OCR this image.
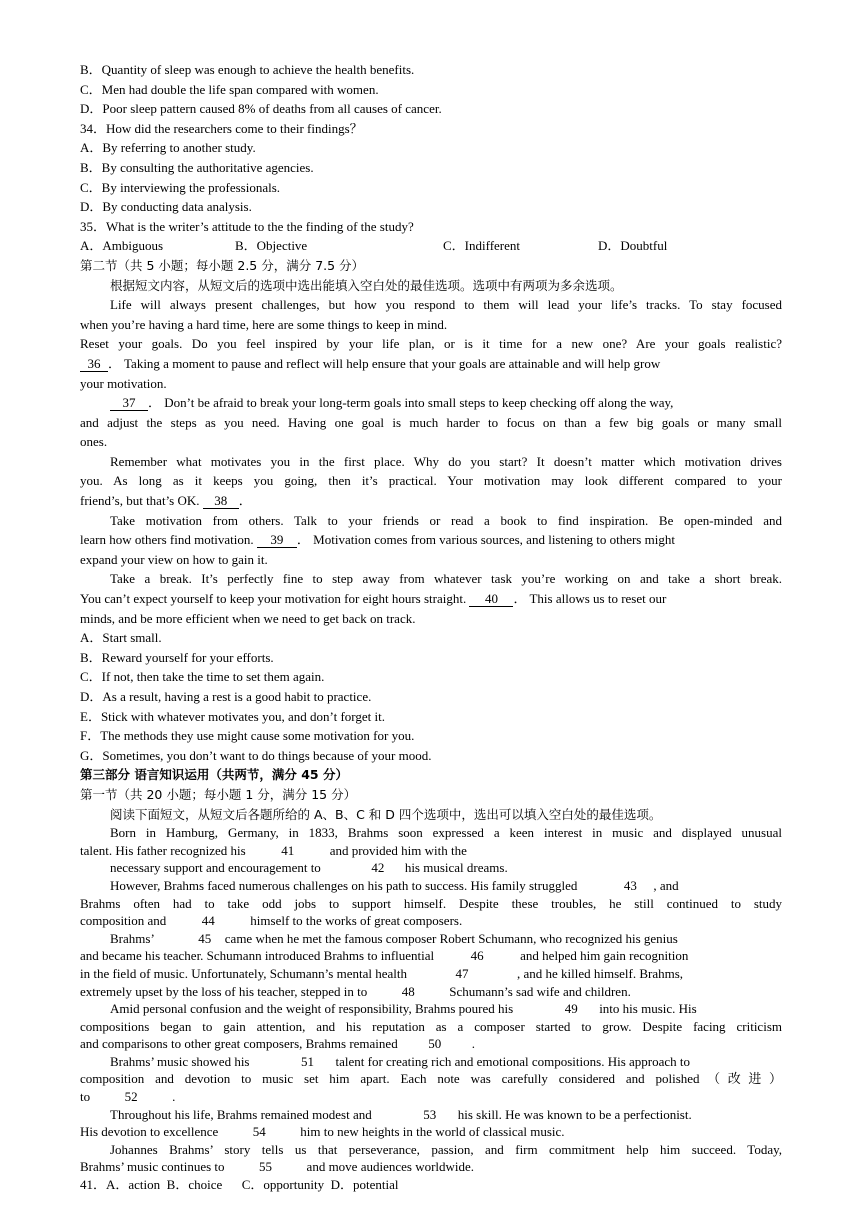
B．Quantity of sleep was enough to achieve the health benefits.
C．Men had double the life span compared with women.
D．Poor sleep pattern caused 8% of deaths from all causes of cancer.
34．How did the researchers come to their findings？
A．By referring to another study.
B．By consulting the authoritative agencies.
C．By interviewing the professionals.
D．By conducting data analysis.
35．What is the writer’s attitude to the the finding of the study?
A．Ambiguous	B．Objective	C．Indifferent	D．Doubtful
第二节（共 5 小题；每小题 2.5 分，满分 7.5 分）
根据短文内容，从短文后的选项中选出能填入空白处的最佳选项。选项中有两项为多余选项。
Life will always present challenges, but how you respond to them will lead your life’s tracks. To stay focused
when you’re having a hard time, here are some things to keep in mind.
Reset your goals. Do you feel inspired by your life plan, or is it time for a new one? Are your goals realistic?
36 ． Taking a moment to pause and reflect will help ensure that your goals are attainable and will help grow
your motivation.
37 ． Don’t be afraid to break your long-term goals into small steps to keep checking off along the way,
and adjust the steps as you need. Having one goal is much harder to focus on than a few big goals or many small
ones.
Remember what motivates you in the first place. Why do you start? It doesn’t matter which motivation drives
you. As long as it keeps you going, then it’s practical. Your motivation may look different compared to your
friend’s, but that’s OK. 38 ．
Take motivation from others. Talk to your friends or read a book to find inspiration. Be open-minded and
learn how others find motivation. 39 ． Motivation comes from various sources, and listening to others might
expand your view on how to gain it.
Take a break. It’s perfectly fine to step away from whatever task you’re working on and take a short break.
You can’t expect yourself to keep your motivation for eight hours straight. 40 ． This allows us to reset our
minds, and be more efficient when we need to get back on track.
A．Start small.
B．Reward yourself for your efforts.
C．If not, then take the time to set them again.
D．As a result, having a rest is a good habit to practice.
E．Stick with whatever motivates you, and don’t forget it.
F．The methods they use might cause some motivation for you.
G．Sometimes, you don’t want to do things because of your mood.
第三部分 语言知识运用（共两节，满分 45 分）
第一节（共 20 小题；每小题 1 分，满分 15 分）
阅读下面短文，从短文后各题所给的 A、B、C 和 D 四个选项中，选出可以填入空白处的最佳选项。
Born in Hamburg, Germany, in 1833, Brahms soon expressed a keen interest in music and displayed unusual
talent. His father recognized his	41	and provided him with the
necessary support and encouragement to	42 his musical dreams.
However, Brahms faced numerous challenges on his path to success. His family struggled	43 , and
Brahms often had to take odd jobs to support himself. Despite these troubles, he still continued to study
composition and	44	himself to the works of great composers.
Brahms’	45 came when he met the famous composer Robert Schumann, who recognized his genius
and became his teacher. Schumann introduced Brahms to influential	46	and helped him gain recognition
in the field of music. Unfortunately, Schumann’s mental health	47	, and he killed himself. Brahms,
extremely upset by the loss of his teacher, stepped in to	48	Schumann’s sad wife and children.
Amid personal confusion and the weight of responsibility, Brahms poured his	49 into his music. His
compositions began to gain attention, and his reputation as a composer started to grow. Despite facing criticism
and comparisons to other great composers, Brahms remained 50 .
Brahms’ music showed his	51 talent for creating rich and emotional compositions. His approach to
composition and devotion to music set him apart. Each note was carefully considered and polished（改进）
to	52	.
Throughout his life, Brahms remained modest and	53 his skill. He was known to be a perfectionist.
His devotion to excellence	54	him to new heights in the world of classical music.
Johannes Brahms’ story tells us that perseverance, passion, and firm commitment help him succeed. Today,
Brahms’ music continues to	55	and move audiences worldwide.
41．A．action  B．choice      C．opportunity  D．potential
